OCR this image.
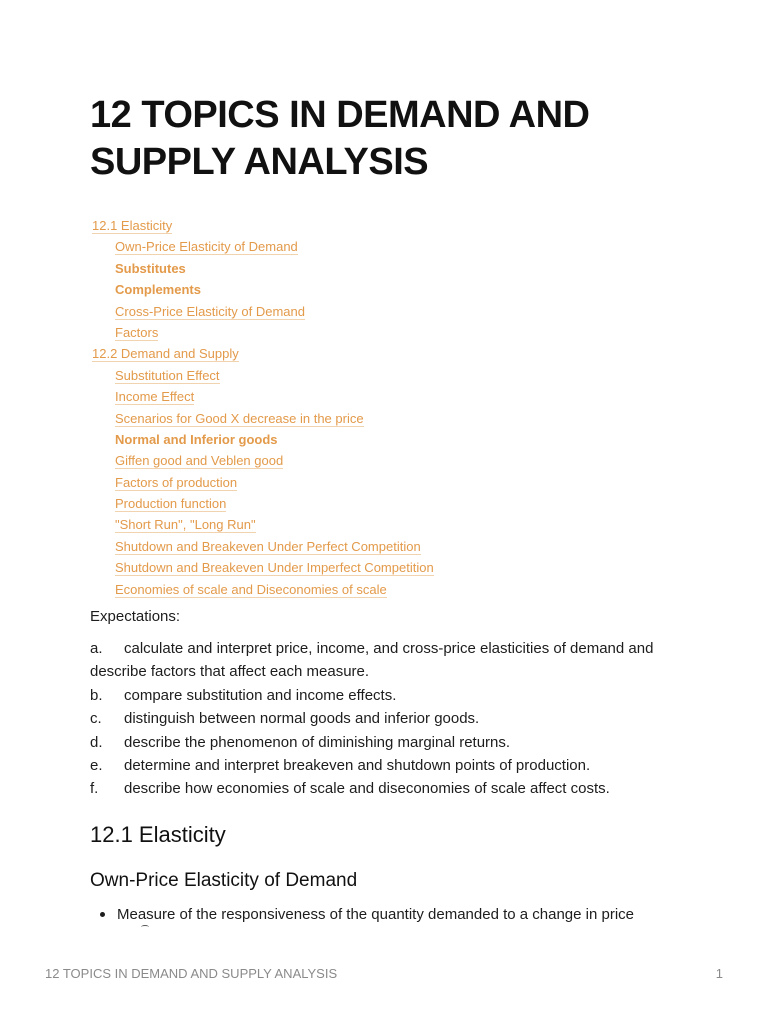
12 TOPICS IN DEMAND AND SUPPLY ANALYSIS
12.1 Elasticity
Own-Price Elasticity of Demand
Substitutes
Complements
Cross-Price Elasticity of Demand
Factors
12.2 Demand and Supply
Substitution Effect
Income Effect
Scenarios for Good X decrease in the price
Normal and Inferior goods
Giffen good and Veblen good
Factors of production
Production function
"Short Run", "Long Run"
Shutdown and Breakeven Under Perfect Competition
Shutdown and Breakeven Under Imperfect Competition
Economies of scale and Diseconomies of scale

Expectations:

a. calculate and interpret price, income, and cross-price elasticities of demand and describe factors that affect each measure.
b. compare substitution and income effects.
c. distinguish between normal goods and inferior goods.
d. describe the phenomenon of diminishing marginal returns.
e. determine and interpret breakeven and shutdown points of production.
f. describe how economies of scale and diseconomies of scale affect costs.
12.1 Elasticity
Own-Price Elasticity of Demand
Measure of the responsiveness of the quantity demanded to a change in price
12 TOPICS IN DEMAND AND SUPPLY ANALYSIS	1
